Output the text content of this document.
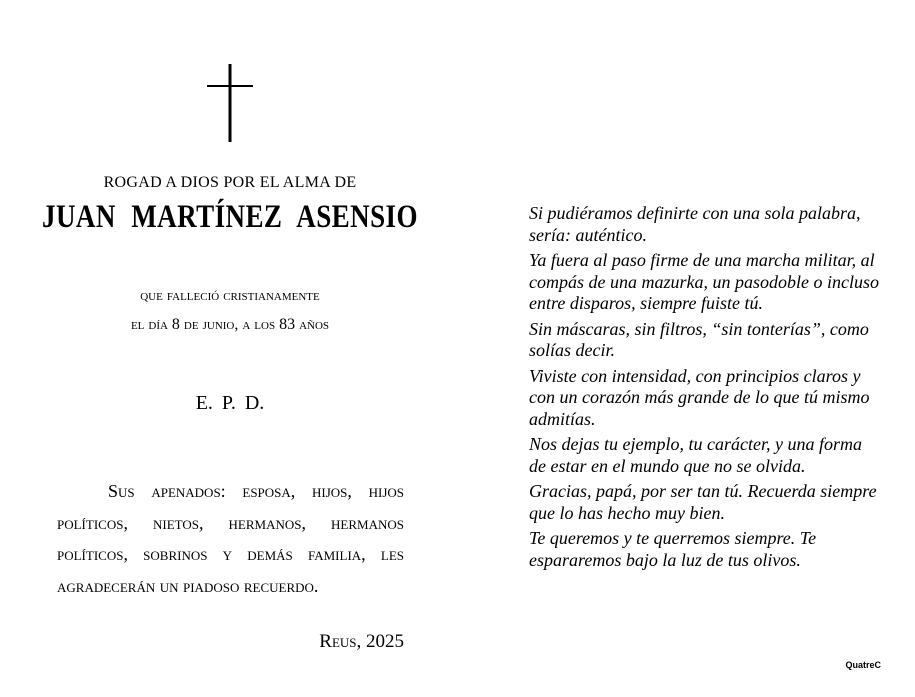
ROGAD A DIOS POR EL ALMA DE
JUAN MARTÍNEZ ASENSIO
que falleció cristianamente
el día 8 de junio, a los 83 años
E. P. D.
Sus apenados: esposa, hijos, hijos políticos, nietos, hermanos, hermanos políticos, sobrinos y demás familia, les agradecerán un piadoso recuerdo.
Reus, 2025

Si pudiéramos definirte con una sola palabra, sería: auténtico.

Ya fuera al paso firme de una marcha militar, al compás de una mazurka, un pasodoble o incluso entre disparos, siempre fuiste tú.

Sin máscaras, sin filtros, “sin tonterías”, como solías decir.

Viviste con intensidad, con principios claros y con un corazón más grande de lo que tú mismo admitías.

Nos dejas tu ejemplo, tu carácter, y una forma de estar en el mundo que no se olvida.

Gracias, papá, por ser tan tú. Recuerda siempre que lo has hecho muy bien.

Te queremos y te querremos siempre. Te espararemos bajo la luz de tus olivos.

QuatreC
